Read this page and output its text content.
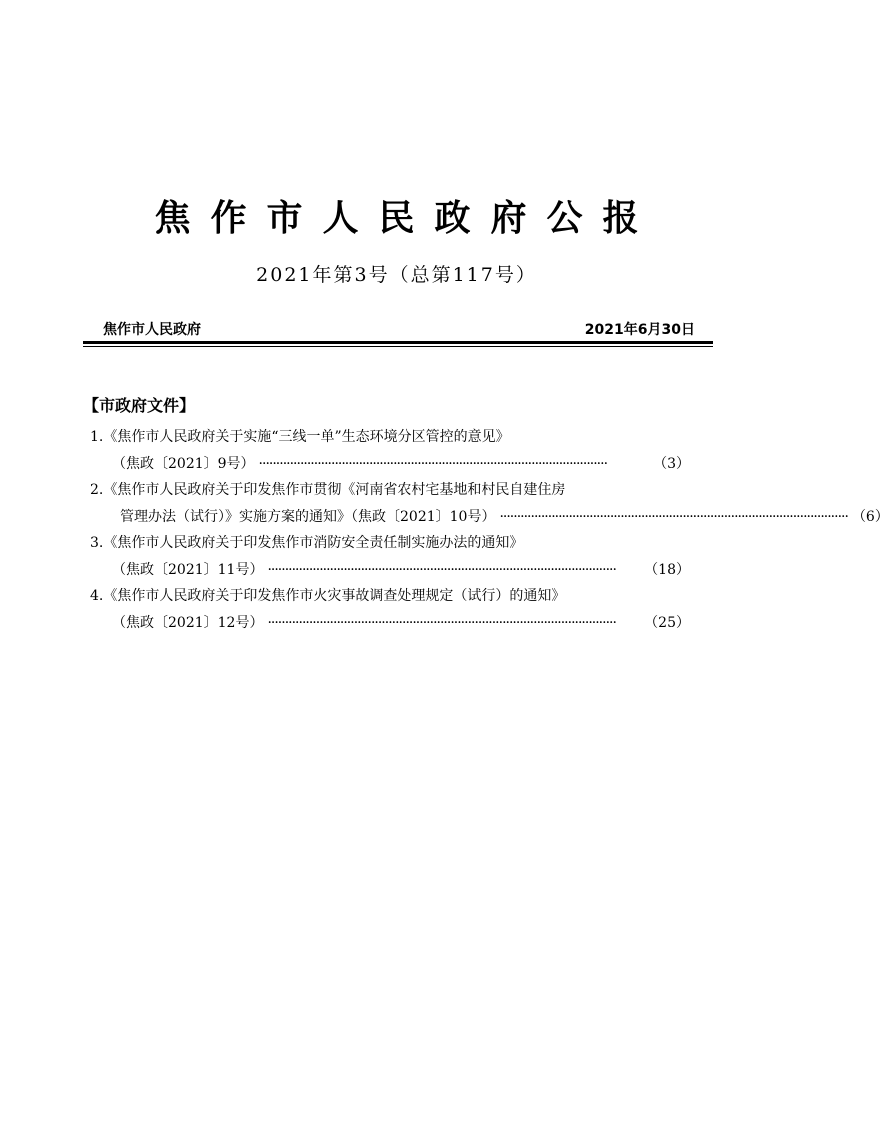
焦作市人民政府公报
2021年第3号（总第117号）
焦作市人民政府	2021年6月30日
【市政府文件】
1.《焦作市人民政府关于实施“三线一单”生态环境分区管控的意见》
（焦政〔2021〕9号） ·····································································································	（3）
2.《焦作市人民政府关于印发焦作市贯彻《河南省农村宅基地和村民自建住房
管理办法（试行）》实施方案的通知》（焦政〔2021〕10号） ····································································································· （6）
3.《焦作市人民政府关于印发焦作市消防安全责任制实施办法的通知》
（焦政〔2021〕11号） ·····································································································	（18）
4.《焦作市人民政府关于印发焦作市火灾事故调查处理规定（试行）的通知》
（焦政〔2021〕12号） ·····································································································	（25）
